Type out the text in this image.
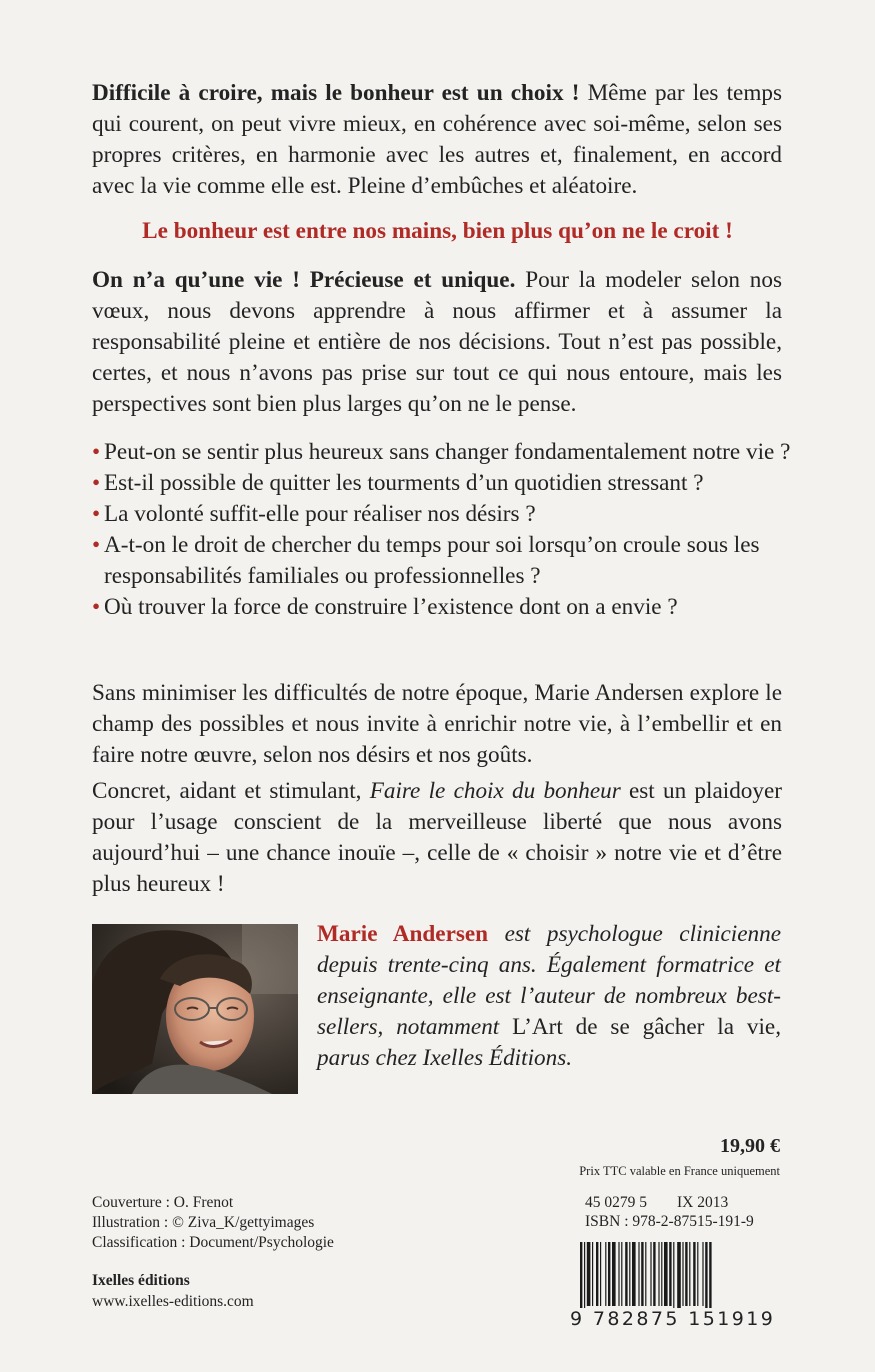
Difficile à croire, mais le bonheur est un choix ! Même par les temps qui courent, on peut vivre mieux, en cohérence avec soi-même, selon ses propres critères, en harmonie avec les autres et, finalement, en accord avec la vie comme elle est. Pleine d’embûches et aléatoire.

Le bonheur est entre nos mains, bien plus qu’on ne le croit !

On n’a qu’une vie ! Précieuse et unique. Pour la modeler selon nos vœux, nous devons apprendre à nous affirmer et à assumer la responsabilité pleine et entière de nos décisions. Tout n’est pas possible, certes, et nous n’avons pas prise sur tout ce qui nous entoure, mais les perspectives sont bien plus larges qu’on ne le pense.

• Peut-on se sentir plus heureux sans changer fondamentalement notre vie ?
• Est-il possible de quitter les tourments d’un quotidien stressant ?
• La volonté suffit-elle pour réaliser nos désirs ?
• A-t-on le droit de chercher du temps pour soi lorsqu’on croule sous les responsabilités familiales ou professionnelles ?
• Où trouver la force de construire l’existence dont on a envie ?

Sans minimiser les difficultés de notre époque, Marie Andersen explore le champ des possibles et nous invite à enrichir notre vie, à l’embellir et en faire notre œuvre, selon nos désirs et nos goûts.

Concret, aidant et stimulant, Faire le choix du bonheur est un plaidoyer pour l’usage conscient de la merveilleuse liberté que nous avons aujourd’hui – une chance inouïe –, celle de « choisir » notre vie et d’être plus heureux !

Marie Andersen est psychologue clinicienne depuis trente-cinq ans. Également formatrice et enseignante, elle est l’auteur de nombreux best-sellers, notamment L’Art de se gâcher la vie, parus chez Ixelles Éditions.

19,90 €

Prix TTC valable en France uniquement

45 0279 5 IX 2013
ISBN : 978-2-87515-191-9
Couverture : O. Frenot
Illustration : © Ziva_K/gettyimages
Classification : Document/Psychologie

Ixelles éditions

www.ixelles-editions.com

9 782875 151919
